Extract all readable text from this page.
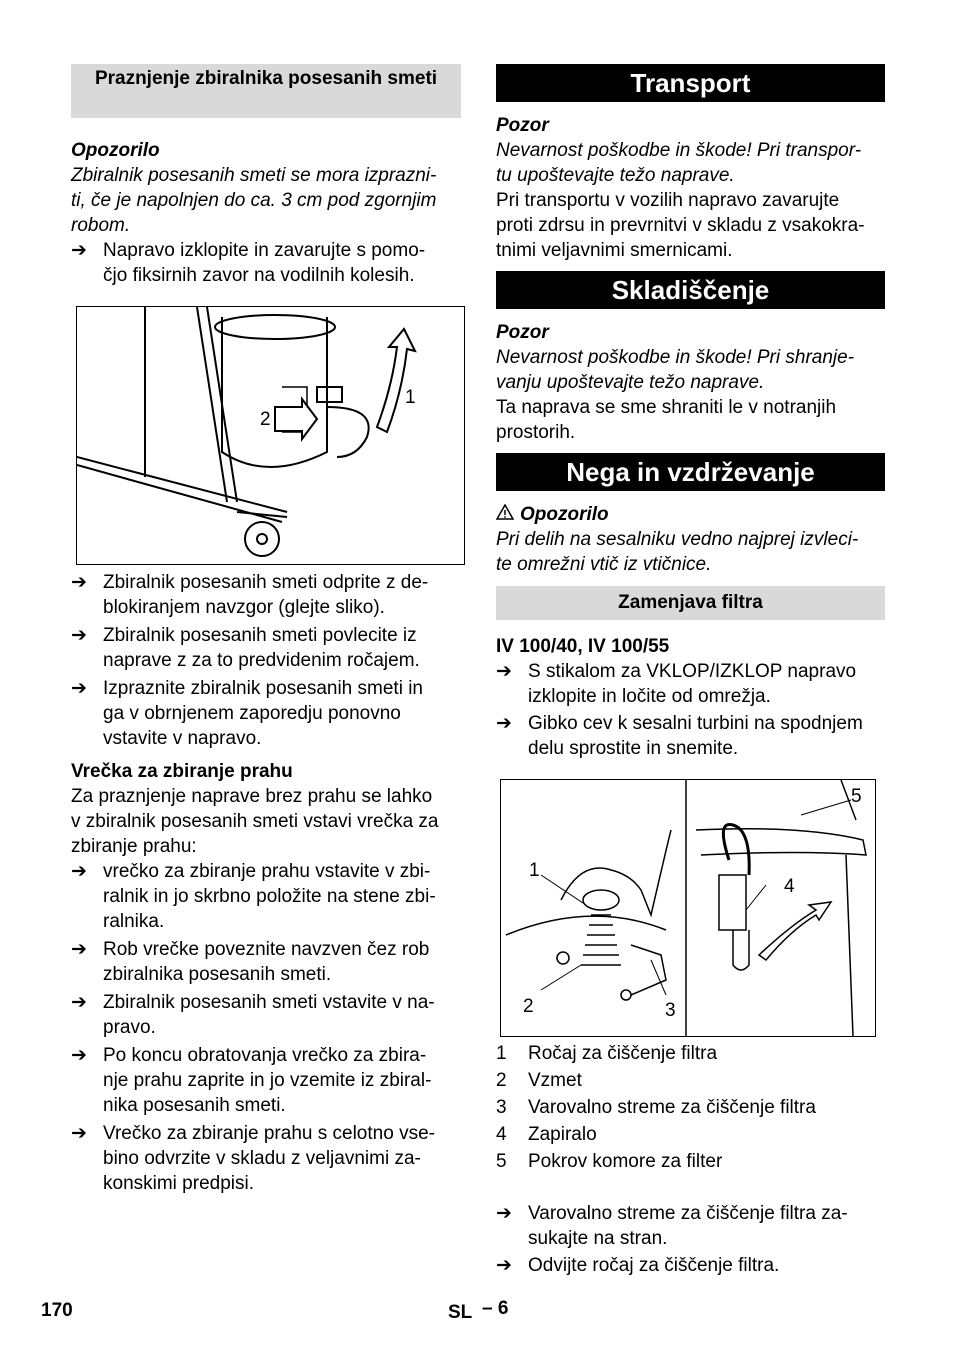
Praznjenje zbiralnika posesanih smeti

Opozorilo

Zbiralnik posesanih smeti se mora izprazni-

ti, če je napolnjen do ca. 3 cm pod zgornjim

robom.

➔ Napravo izklopite in zavarujte s pomo-

čjo fiksirnih zavor na vodilnih kolesih.

1
2
➔ Zbiralnik posesanih smeti odprite z de-

blokiranjem navzgor (glejte sliko).

➔ Zbiralnik posesanih smeti povlecite iz

naprave z za to predvidenim ročajem.

➔ Izpraznite zbiralnik posesanih smeti in

ga v obrnjenem zaporedju ponovno

vstavite v napravo.

Vrečka za zbiranje prahu

Za praznjenje naprave brez prahu se lahko

v zbiralnik posesanih smeti vstavi vrečka za

zbiranje prahu:

➔ vrečko za zbiranje prahu vstavite v zbi-

ralnik in jo skrbno položite na stene zbi-

ralnika.

➔ Rob vrečke poveznite navzven čez rob

zbiralnika posesanih smeti.

➔ Zbiralnik posesanih smeti vstavite v na-

pravo.

➔ Po koncu obratovanja vrečko za zbira-

nje prahu zaprite in jo vzemite iz zbiral-

nika posesanih smeti.

➔ Vrečko za zbiranje prahu s celotno vse-

bino odvrzite v skladu z veljavnimi za-

konskimi predpisi.

Transport

Pozor

Nevarnost poškodbe in škode! Pri transpor-

tu upoštevajte težo naprave.

Pri transportu v vozilih napravo zavarujte

proti zdrsu in prevrnitvi v skladu z vsakokra-

tnimi veljavnimi smernicami.

Skladiščenje

Pozor

Nevarnost poškodbe in škode! Pri shranje-

vanju upoštevajte težo naprave.

Ta naprava se sme shraniti le v notranjih

prostorih.

Nega in vzdrževanje

Opozorilo

Pri delih na sesalniku vedno najprej izvleci-

te omrežni vtič iz vtičnice.

Zamenjava filtra

IV 100/40, IV 100/55

➔ S stikalom za VKLOP/IZKLOP napravo

izklopite in ločite od omrežja.

➔ Gibko cev k sesalni turbini na spodnjem

delu sprostite in snemite.

1
2	3
4
5
1	Ročaj za čiščenje filtra
2	Vzmet
3	Varovalno streme za čiščenje filtra
4	Zapiralo
5	Pokrov komore za filter
➔ Varovalno streme za čiščenje filtra za-

sukajte na stran.

➔ Odvijte ročaj za čiščenje filtra.

170	SL – 6
